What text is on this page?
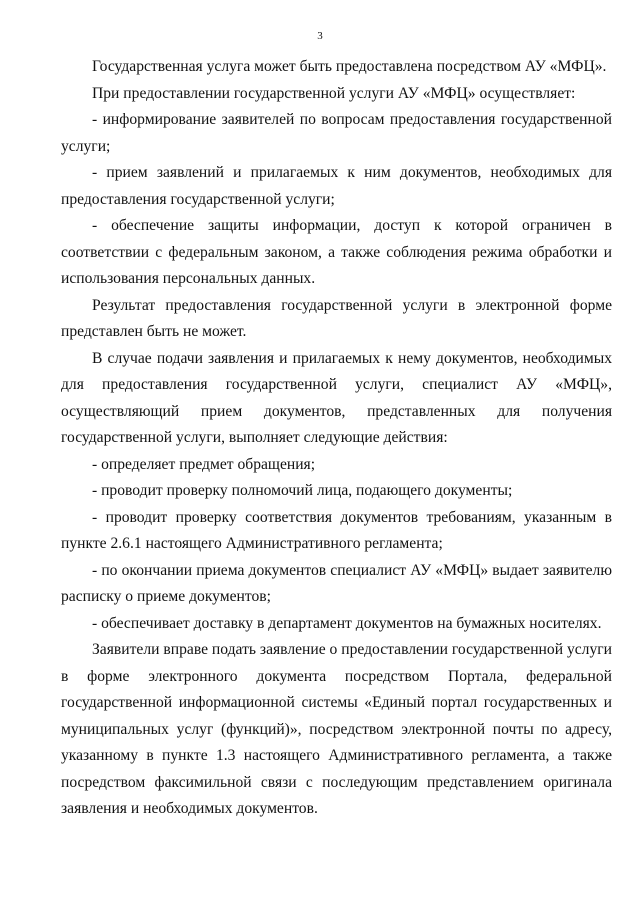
3

Государственная услуга может быть предоставлена посредством АУ «МФЦ».

При предоставлении государственной услуги АУ «МФЦ» осуществляет:

- информирование заявителей по вопросам предоставления государственной услуги;

- прием заявлений и прилагаемых к ним документов, необходимых для предоставления государственной услуги;

- обеспечение защиты информации, доступ к которой ограничен в соответствии с федеральным законом, а также соблюдения режима обработки и использования персональных данных.

Результат предоставления государственной услуги в электронной форме представлен быть не может.

В случае подачи заявления и прилагаемых к нему документов, необходимых для предоставления государственной услуги, специалист АУ «МФЦ», осуществляющий прием документов, представленных для получения государственной услуги, выполняет следующие действия:

- определяет предмет обращения;

- проводит проверку полномочий лица, подающего документы;

- проводит проверку соответствия документов требованиям, указанным в пункте 2.6.1 настоящего Административного регламента;

- по окончании приема документов специалист АУ «МФЦ» выдает заявителю расписку о приеме документов;

- обеспечивает доставку в департамент документов на бумажных носителях.

Заявители вправе подать заявление о предоставлении государственной услуги в форме электронного документа посредством Портала, федеральной государственной информационной системы «Единый портал государственных и муниципальных услуг (функций)», посредством электронной почты по адресу, указанному в пункте 1.3 настоящего Административного регламента, а также посредством факсимильной связи с последующим представлением оригинала заявления и необходимых документов.
